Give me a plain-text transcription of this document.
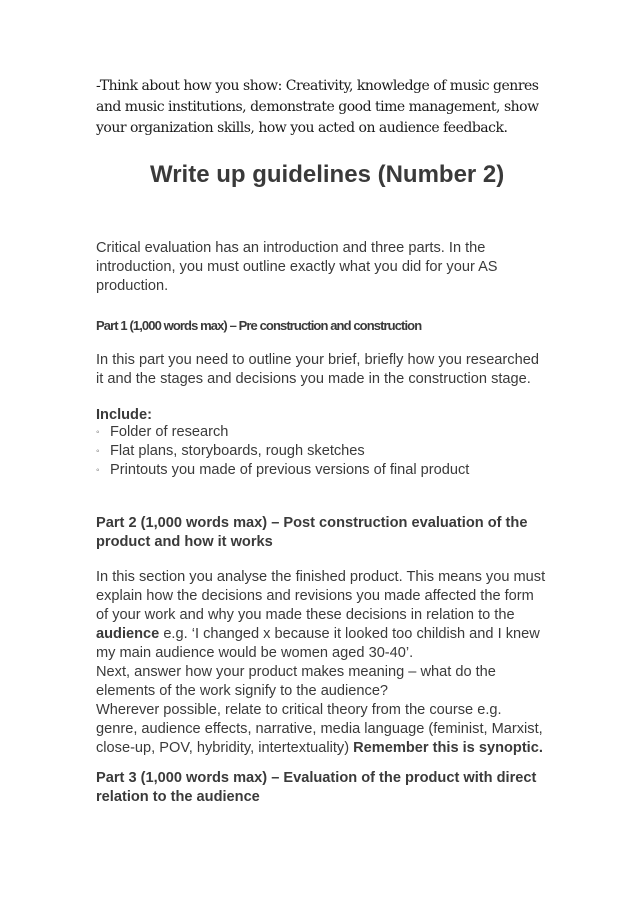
-Think about how you show: Creativity, knowledge of music genres and music institutions, demonstrate good time management, show your organization skills, how you acted on audience feedback.

Write up guidelines (Number 2)

Critical evaluation has an introduction and three parts. In the introduction, you must outline exactly what you did for your AS production.

Part 1 (1,000 words max) – Pre construction and construction

In this part you need to outline your brief, briefly how you researched it and the stages and decisions you made in the construction stage.

Include:

◦ Folder of research
◦ Flat plans, storyboards, rough sketches
◦ Printouts you made of previous versions of final product

Part 2 (1,000 words max) – Post construction evaluation of the product and how it works

In this section you analyse the finished product. This means you must explain how the decisions and revisions you made affected the form of your work and why you made these decisions in relation to the audience e.g. ‘I changed x because it looked too childish and I knew my main audience would be women aged 30-40’.
Next, answer how your product makes meaning – what do the elements of the work signify to the audience?
Wherever possible, relate to critical theory from the course e.g. genre, audience effects, narrative, media language (feminist, Marxist, close-up, POV, hybridity, intertextuality) Remember this is synoptic.

Part 3 (1,000 words max) – Evaluation of the product with direct relation to the audience
